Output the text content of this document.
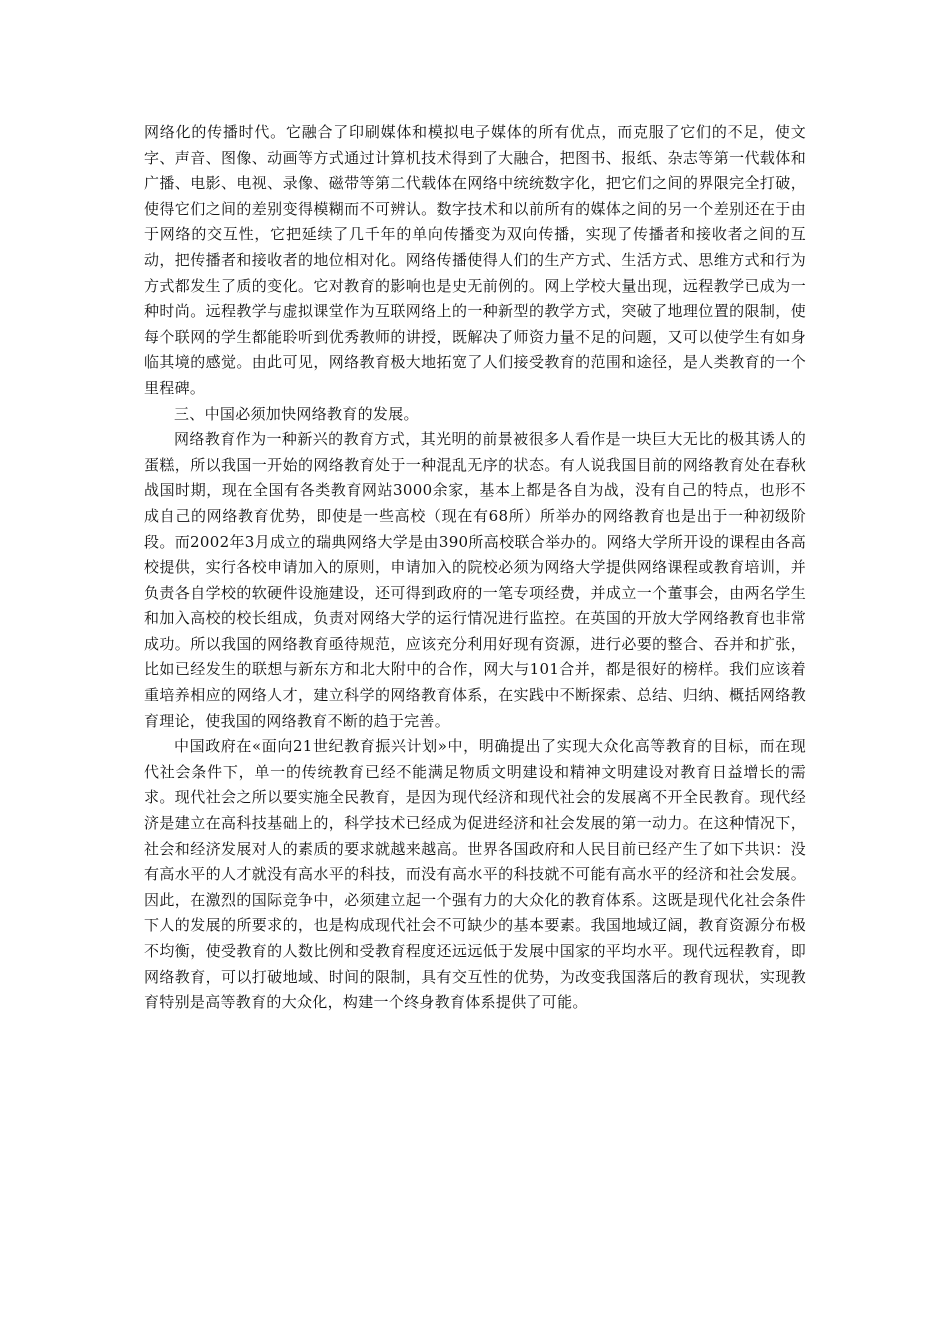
网络化的传播时代。它融合了印刷媒体和模拟电子媒体的所有优点，而克服了它们的不足，使文字、声音、图像、动画等方式通过计算机技术得到了大融合，把图书、报纸、杂志等第一代载体和广播、电影、电视、录像、磁带等第二代载体在网络中统统数字化，把它们之间的界限完全打破，使得它们之间的差别变得模糊而不可辨认。数字技术和以前所有的媒体之间的另一个差别还在于由于网络的交互性，它把延续了几千年的单向传播变为双向传播，实现了传播者和接收者之间的互动，把传播者和接收者的地位相对化。网络传播使得人们的生产方式、生活方式、思维方式和行为方式都发生了质的变化。它对教育的影响也是史无前例的。网上学校大量出现，远程教学已成为一种时尚。远程教学与虚拟课堂作为互联网络上的一种新型的教学方式，突破了地理位置的限制，使每个联网的学生都能聆听到优秀教师的讲授，既解决了师资力量不足的问题，又可以使学生有如身临其境的感觉。由此可见，网络教育极大地拓宽了人们接受教育的范围和途径，是人类教育的一个里程碑。

三、中国必须加快网络教育的发展。

网络教育作为一种新兴的教育方式，其光明的前景被很多人看作是一块巨大无比的极其诱人的蛋糕，所以我国一开始的网络教育处于一种混乱无序的状态。有人说我国目前的网络教育处在春秋战国时期，现在全国有各类教育网站3000余家，基本上都是各自为战，没有自己的特点，也形不成自己的网络教育优势，即使是一些高校（现在有68所）所举办的网络教育也是出于一种初级阶段。而2002年3月成立的瑞典网络大学是由390所高校联合举办的。网络大学所开设的课程由各高校提供，实行各校申请加入的原则，申请加入的院校必须为网络大学提供网络课程或教育培训，并负责各自学校的软硬件设施建设，还可得到政府的一笔专项经费，并成立一个董事会，由两名学生和加入高校的校长组成，负责对网络大学的运行情况进行监控。在英国的开放大学网络教育也非常成功。所以我国的网络教育亟待规范，应该充分利用好现有资源，进行必要的整合、吞并和扩张，比如已经发生的联想与新东方和北大附中的合作，网大与101合并，都是很好的榜样。我们应该着重培养相应的网络人才，建立科学的网络教育体系，在实践中不断探索、总结、归纳、概括网络教育理论，使我国的网络教育不断的趋于完善。

中国政府在«面向21世纪教育振兴计划»中，明确提出了实现大众化高等教育的目标，而在现代社会条件下，单一的传统教育已经不能满足物质文明建设和精神文明建设对教育日益增长的需求。现代社会之所以要实施全民教育，是因为现代经济和现代社会的发展离不开全民教育。现代经济是建立在高科技基础上的，科学技术已经成为促进经济和社会发展的第一动力。在这种情况下，社会和经济发展对人的素质的要求就越来越高。世界各国政府和人民目前已经产生了如下共识：没有高水平的人才就没有高水平的科技，而没有高水平的科技就不可能有高水平的经济和社会发展。因此，在激烈的国际竞争中，必须建立起一个强有力的大众化的教育体系。这既是现代化社会条件下人的发展的所要求的，也是构成现代社会不可缺少的基本要素。我国地域辽阔，教育资源分布极不均衡，使受教育的人数比例和受教育程度还远远低于发展中国家的平均水平。现代远程教育，即网络教育，可以打破地域、时间的限制，具有交互性的优势，为改变我国落后的教育现状，实现教育特别是高等教育的大众化，构建一个终身教育体系提供了可能。
